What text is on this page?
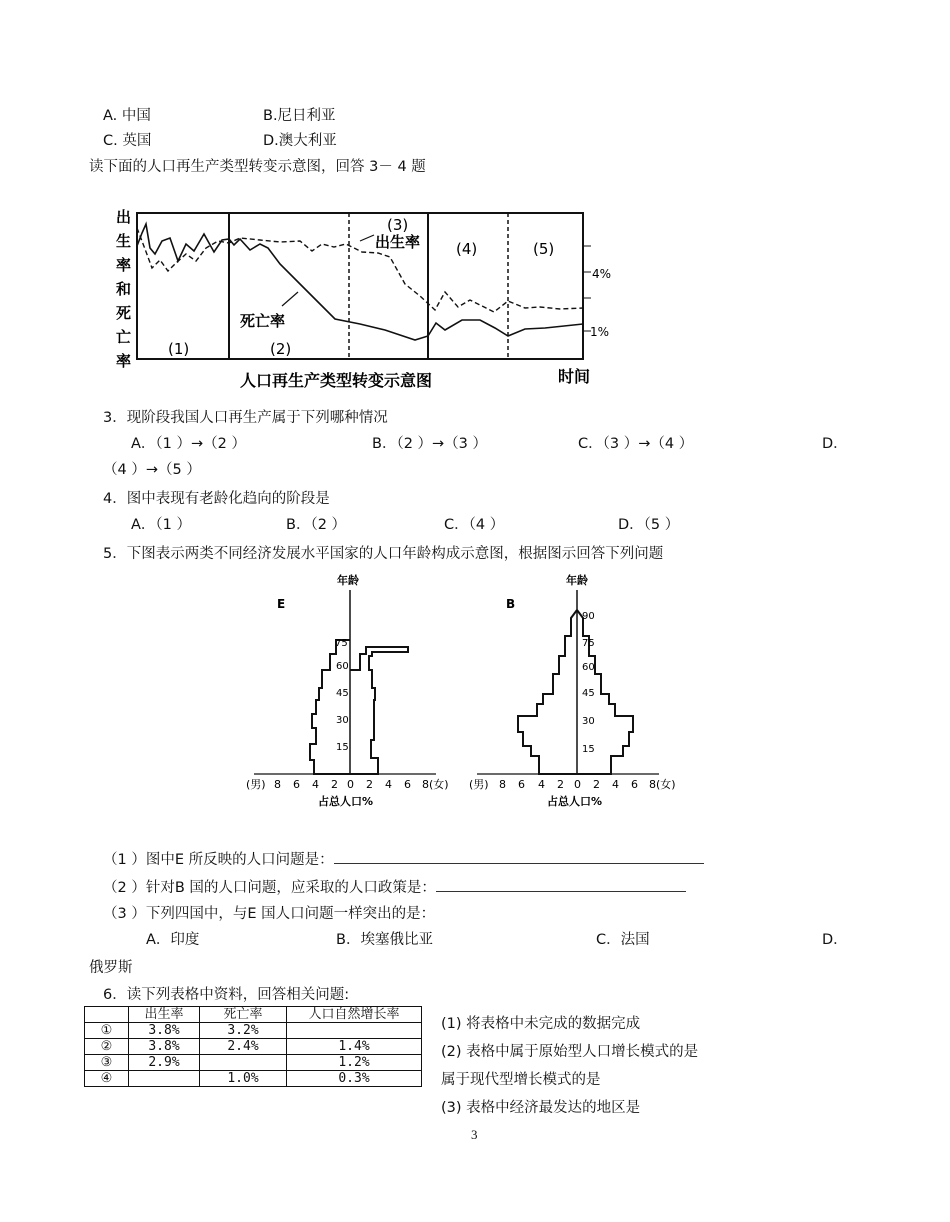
A. 中国	B.尼日利亚
C. 英国	D.澳大利亚
读下面的人口再生产类型转变示意图，回答 3－ 4 题
出
生
率
和
死
亡
率
(1)	(2)
(3)
(4)	(5)
出生率
死亡率
4%
1%
人口再生产类型转变示意图	时间
3．现阶段我国人口再生产属于下列哪种情况
A．（1 ）→（2 ）	B．（2 ）→（3 ）	C．（3 ）→（4 ）	D．
（4 ）→（5 ）
4．图中表现有老龄化趋向的阶段是
A．（1 ）	B．（2 ）	C．（4 ）	D．（5 ）
5．下图表示两类不同经济发展水平国家的人口年龄构成示意图，根据图示回答下列问题
E
年龄
75
60
45
30
15
(男) 8 6 4 2 0 2 4 6 8(女)
占总人口%
B
年龄
90
75
60
45
30
15
(男) 8 6 4 2 0 2 4 6 8(女)
占总人口%
（1 ）图中E 所反映的人口问题是：
（2 ）针对B 国的人口问题，应采取的人口政策是：
（3 ）下列四国中，与E 国人口问题一样突出的是：
A．印度	B．埃塞俄比亚	C．法国	D．
俄罗斯
6．读下列表格中资料，回答相关问题:
	出生率	死亡率	人口自然增长率
①	3.8%	3.2%	
②	3.8%	2.4%	1.4%
③	2.9%		1.2%
④		1.0%	0.3%
(1) 将表格中未完成的数据完成
(2) 表格中属于原始型人口增长模式的是
属于现代型增长模式的是
(3) 表格中经济最发达的地区是
3
